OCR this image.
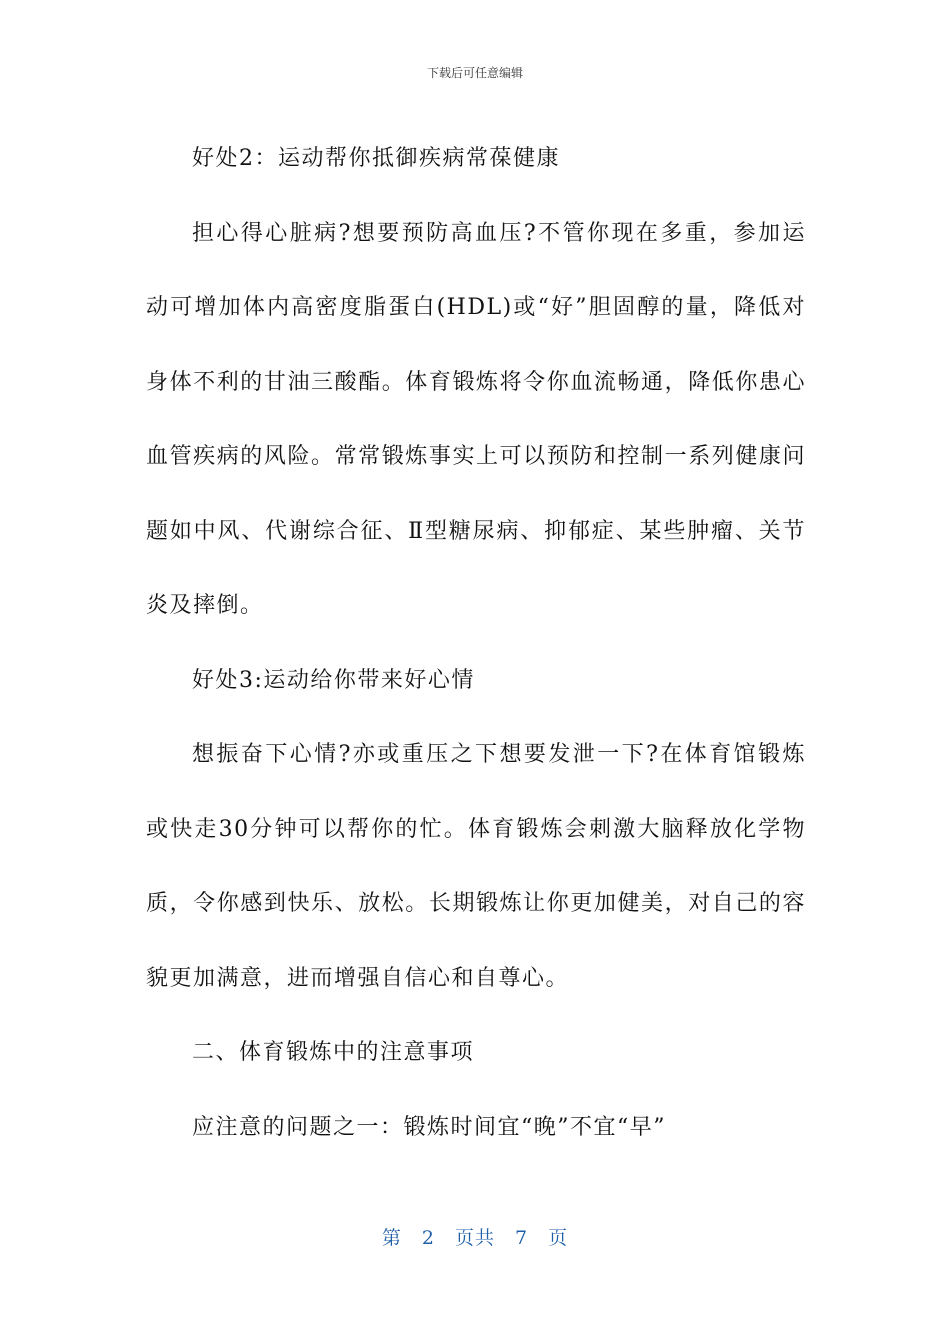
下载后可任意编辑

好处2：运动帮你抵御疾病常葆健康

担心得心脏病?想要预防高血压?不管你现在多重，参加运动可增加体内高密度脂蛋白(HDL)或“好”胆固醇的量，降低对身体不利的甘油三酸酯。体育锻炼将令你血流畅通，降低你患心血管疾病的风险。常常锻炼事实上可以预防和控制一系列健康问题如中风、代谢综合征、Ⅱ型糖尿病、抑郁症、某些肿瘤、关节炎及摔倒。

好处3:运动给你带来好心情

想振奋下心情?亦或重压之下想要发泄一下?在体育馆锻炼或快走30分钟可以帮你的忙。体育锻炼会刺激大脑释放化学物质，令你感到快乐、放松。长期锻炼让你更加健美，对自己的容貌更加满意，进而增强自信心和自尊心。

二、体育锻炼中的注意事项

应注意的问题之一：锻炼时间宜“晚”不宜“早”

第 2 页共 7 页
